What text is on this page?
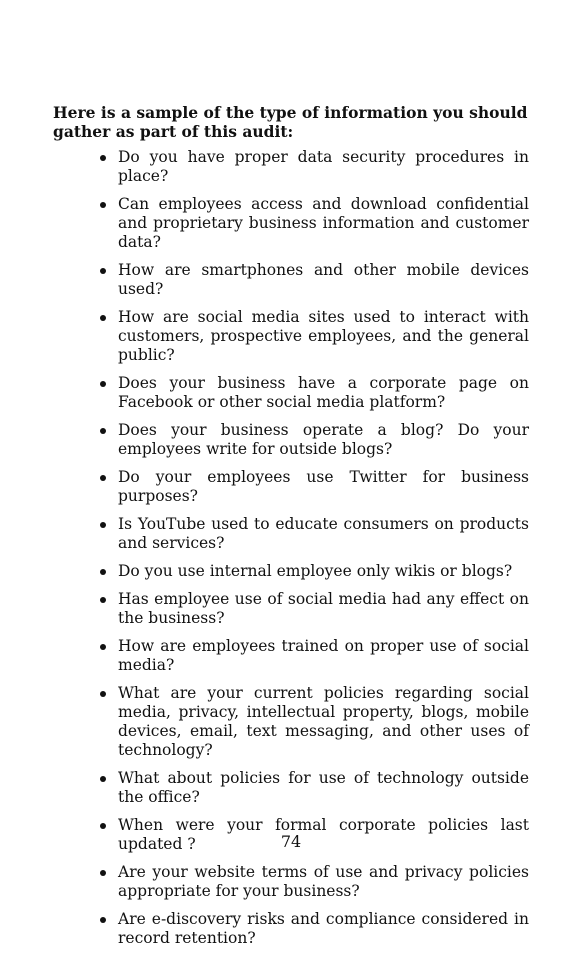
Here is a sample of the type of information you should gather as part of this audit:

Do you have proper data security procedures in place?
Can employees access and download confidential and proprietary business information and customer data?
How are smartphones and other mobile devices used?
How are social media sites used to interact with customers, prospective employees, and the general public?
Does your business have a corporate page on Facebook or other social media platform?
Does your business operate a blog? Do your employees write for outside blogs?
Do your employees use Twitter for business purposes?
Is YouTube used to educate consumers on products and services?
Do you use internal employee only wikis or blogs?
Has employee use of social media had any effect on the business?
How are employees trained on proper use of social media?
What are your current policies regarding social media, privacy, intellectual property, blogs, mobile devices, email, text messaging, and other uses of technology?
What about policies for use of technology outside the office?
When were your formal corporate policies last updated ?
Are your website terms of use and privacy policies appropriate for your business?
Are e-discovery risks and compliance considered in record retention?
74
